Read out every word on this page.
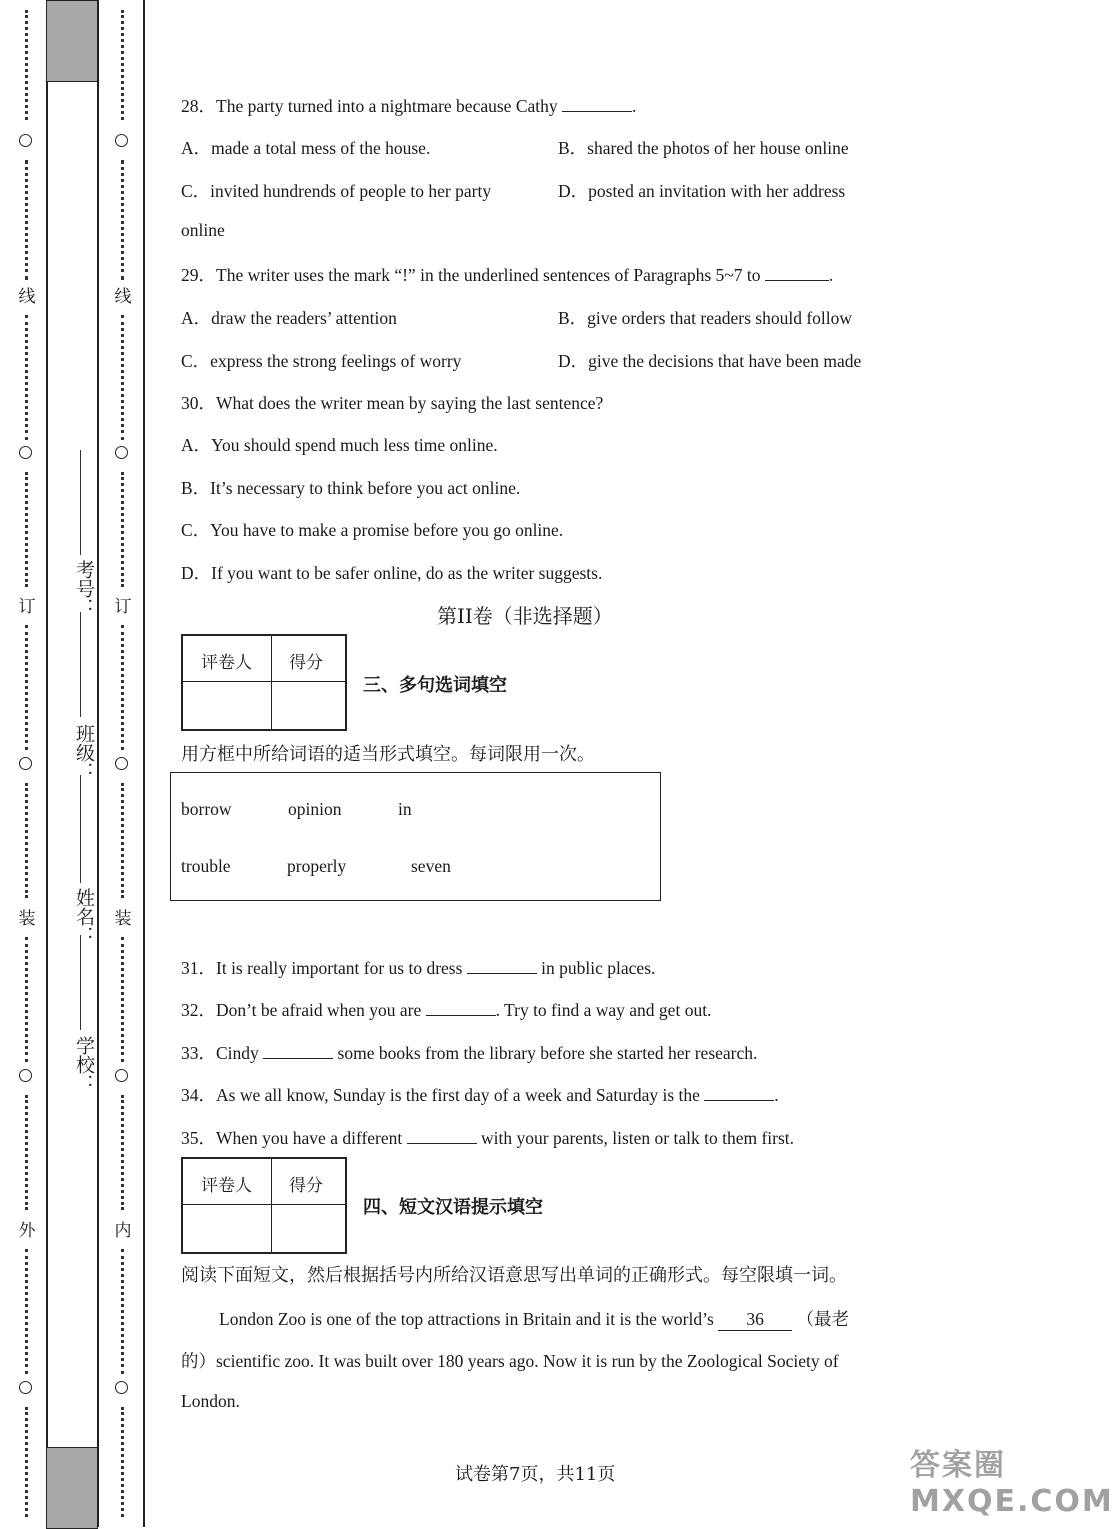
线
订
装
外
考号：
班级：
姓名：
学校：
线
订
装
内
28．The party turned into a nightmare because Cathy	.
A．made a total mess of the house.	B．shared the photos of her house online
C．invited hundrends of people to her party	D．posted an invitation with her address
online
29．The writer uses the mark “!” in the underlined sentences of Paragraphs 5~7 to	.
A．draw the readers’ attention	B．give orders that readers should follow
C．express the strong feelings of worry	D．give the decisions that have been made
30．What does the writer mean by saying the last sentence?
A．You should spend much less time online.
B．It’s necessary to think before you act online.
C．You have to make a promise before you go online.
D．If you want to be safer online, do as the writer suggests.
第II卷（非选择题）
评卷人 得分
三、多句选词填空
用方框中所给词语的适当形式填空。每词限用一次。
borrow	opinion	in
trouble	properly	seven
31．It is really important for us to dress	in public places.
32．Don’t be afraid when you are	. Try to find a way and get out.
33．Cindy	some books from the library before she started her research.
34．As we all know, Sunday is the first day of a week and Saturday is the	.
35．When you have a different	with your parents, listen or talk to them first.
评卷人 得分
四、短文汉语提示填空
阅读下面短文，然后根据括号内所给汉语意思写出单词的正确形式。每空限填一词。
London Zoo is one of the top attractions in Britain and it is the world’s 36 （最老
的）scientific zoo. It was built over 180 years ago. Now it is run by the Zoological Society of
London.
试卷第7页，共11页	答案圈 MXQE.COM
